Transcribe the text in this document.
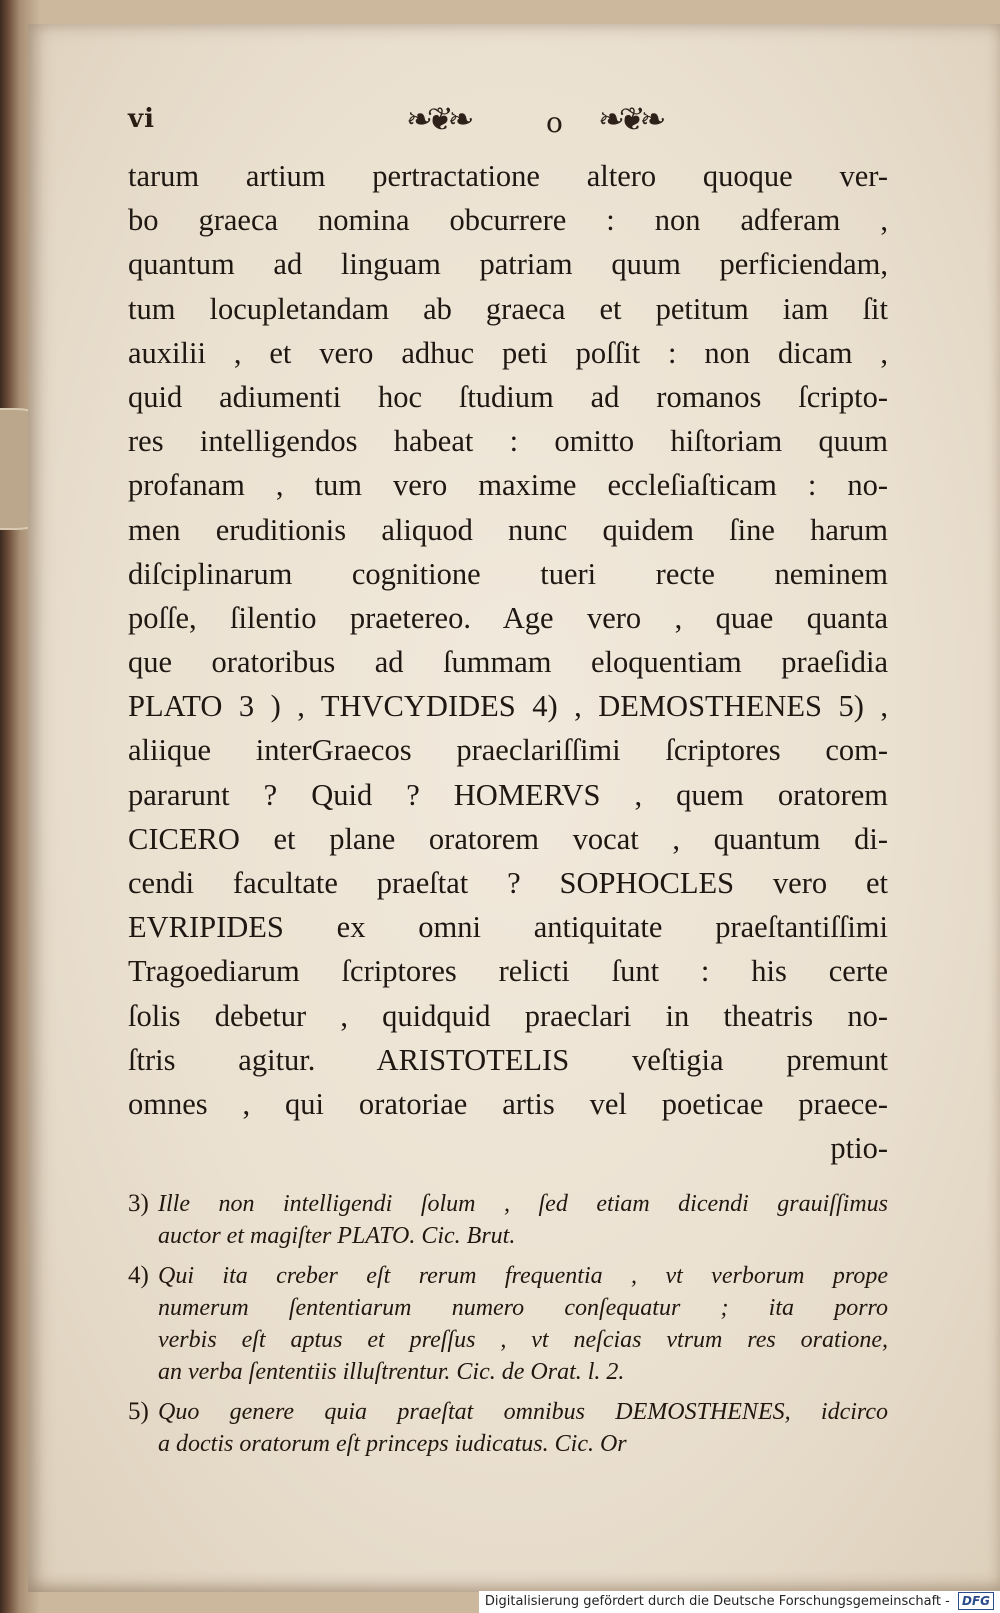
vi	❧❦❧	o ❧❦❧
tarum artium pertractatione altero quoque ver-
bo graeca nomina obcurrere : non adferam ,
quantum ad linguam patriam quum perficiendam,
tum locupletandam ab graeca et petitum iam ſit
auxilii , et vero adhuc peti poſſit : non dicam ,
quid adiumenti hoc ſtudium ad romanos ſcripto-
res intelligendos habeat : omitto hiſtoriam quum
profanam , tum vero maxime eccleſiaſticam : no-
men eruditionis aliquod nunc quidem ſine harum
diſciplinarum cognitione tueri recte neminem
poſſe, ſilentio praetereo. Age vero , quae quanta
que oratoribus ad ſummam eloquentiam praeſidia
PLATO 3 ) , THVCYDIDES 4) , DEMOSTHENES 5) ,
aliique interGraecos praeclariſſimi ſcriptores com-
pararunt ? Quid ? HOMERVS , quem oratorem
CICERO et plane oratorem vocat , quantum di-
cendi facultate praeſtat ? SOPHOCLES vero et
EVRIPIDES ex omni antiquitate praeſtantiſſimi
Tragoediarum ſcriptores relicti ſunt : his certe
ſolis debetur , quidquid praeclari in theatris no-
ſtris agitur. ARISTOTELIS veſtigia premunt
omnes , qui oratoriae artis vel poeticae praece-
ptio-
3) Ille non intelligendi ſolum , ſed etiam dicendi grauiſſimus
auctor et magiſter PLATO. Cic. Brut.
4) Qui ita creber eſt rerum frequentia , vt verborum prope
numerum ſententiarum numero conſequatur ; ita porro
verbis eſt aptus et preſſus , vt neſcias vtrum res oratione,
an verba ſententiis illuſtrentur. Cic. de Orat. l. 2.
5) Quo genere quia praeſtat omnibus DEMOSTHENES, idcirco
a doctis oratorum eſt princeps iudicatus. Cic. Or
Digitalisierung gefördert durch die Deutsche Forschungsgemeinschaft - DFG
